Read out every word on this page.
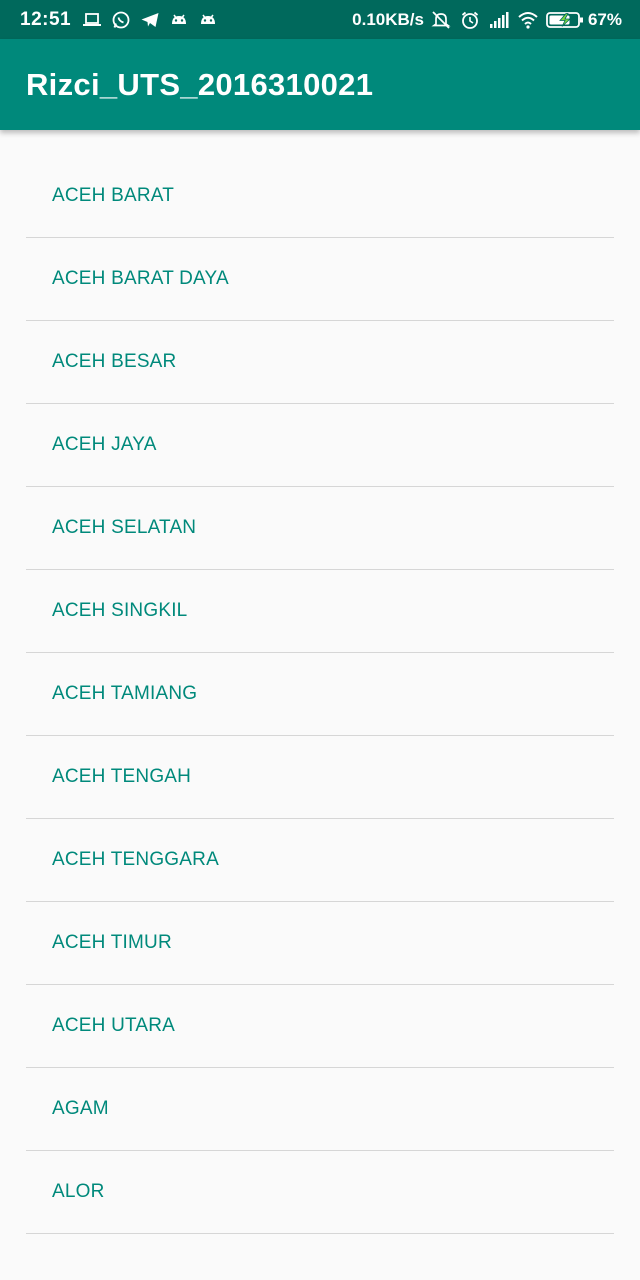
12:51	0.10KB/s	67%
Rizci_UTS_2016310021
ACEH BARAT
ACEH BARAT DAYA
ACEH BESAR
ACEH JAYA
ACEH SELATAN
ACEH SINGKIL
ACEH TAMIANG
ACEH TENGAH
ACEH TENGGARA
ACEH TIMUR
ACEH UTARA
AGAM
ALOR
